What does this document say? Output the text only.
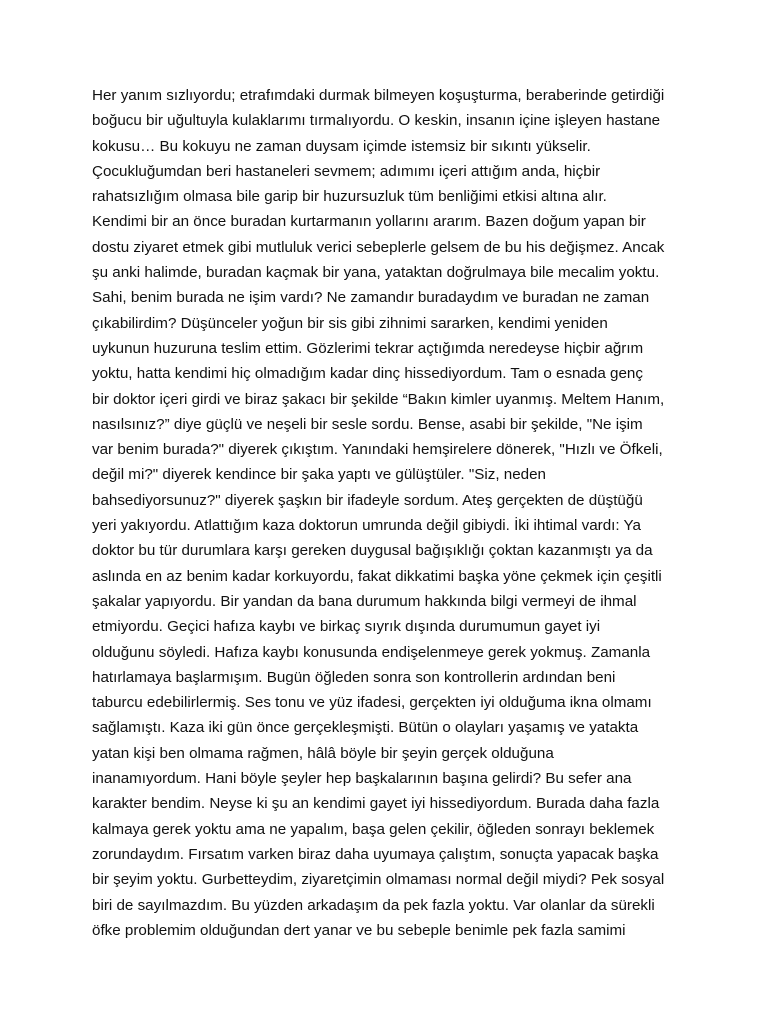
Her yanım sızlıyordu; etrafımdaki durmak bilmeyen koşuşturma, beraberinde getirdiği
boğucu bir uğultuyla kulaklarımı tırmalıyordu. O keskin, insanın içine işleyen hastane
kokusu… Bu kokuyu ne zaman duysam içimde istemsiz bir sıkıntı yükselir.
Çocukluğumdan beri hastaneleri sevmem; adımımı içeri attığım anda, hiçbir
rahatsızlığım olmasa bile garip bir huzursuzluk tüm benliğimi etkisi altına alır.
Kendimi bir an önce buradan kurtarmanın yollarını ararım. Bazen doğum yapan bir
dostu ziyaret etmek gibi mutluluk verici sebeplerle gelsem de bu his değişmez. Ancak
şu anki halimde, buradan kaçmak bir yana, yataktan doğrulmaya bile mecalim yoktu.
Sahi, benim burada ne işim vardı? Ne zamandır buradaydım ve buradan ne zaman
çıkabilirdim? Düşünceler yoğun bir sis gibi zihnimi sararken, kendimi yeniden
uykunun huzuruna teslim ettim. Gözlerimi tekrar açtığımda neredeyse hiçbir ağrım
yoktu, hatta kendimi hiç olmadığım kadar dinç hissediyordum. Tam o esnada genç
bir doktor içeri girdi ve biraz şakacı bir şekilde “Bakın kimler uyanmış. Meltem Hanım,
nasılsınız?” diye güçlü ve neşeli bir sesle sordu. Bense, asabi bir şekilde, "Ne işim
var benim burada?" diyerek çıkıştım. Yanındaki hemşirelere dönerek, "Hızlı ve Öfkeli,
değil mi?" diyerek kendince bir şaka yaptı ve gülüştüler. "Siz, neden
bahsediyorsunuz?" diyerek şaşkın bir ifadeyle sordum. Ateş gerçekten de düştüğü
yeri yakıyordu. Atlattığım kaza doktorun umrunda değil gibiydi. İki ihtimal vardı: Ya
doktor bu tür durumlara karşı gereken duygusal bağışıklığı çoktan kazanmıştı ya da
aslında en az benim kadar korkuyordu, fakat dikkatimi başka yöne çekmek için çeşitli
şakalar yapıyordu. Bir yandan da bana durumum hakkında bilgi vermeyi de ihmal
etmiyordu. Geçici hafıza kaybı ve birkaç sıyrık dışında durumumun gayet iyi
olduğunu söyledi. Hafıza kaybı konusunda endişelenmeye gerek yokmuş. Zamanla
hatırlamaya başlarmışım. Bugün öğleden sonra son kontrollerin ardından beni
taburcu edebilirlermiş. Ses tonu ve yüz ifadesi, gerçekten iyi olduğuma ikna olmamı
sağlamıştı. Kaza iki gün önce gerçekleşmişti. Bütün o olayları yaşamış ve yatakta
yatan kişi ben olmama rağmen, hâlâ böyle bir şeyin gerçek olduğuna
inanamıyordum. Hani böyle şeyler hep başkalarının başına gelirdi? Bu sefer ana
karakter bendim. Neyse ki şu an kendimi gayet iyi hissediyordum. Burada daha fazla
kalmaya gerek yoktu ama ne yapalım, başa gelen çekilir, öğleden sonrayı beklemek
zorundaydım. Fırsatım varken biraz daha uyumaya çalıştım, sonuçta yapacak başka
bir şeyim yoktu. Gurbetteydim, ziyaretçimin olmaması normal değil miydi? Pek sosyal
biri de sayılmazdım. Bu yüzden arkadaşım da pek fazla yoktu. Var olanlar da sürekli
öfke problemim olduğundan dert yanar ve bu sebeple benimle pek fazla samimi
